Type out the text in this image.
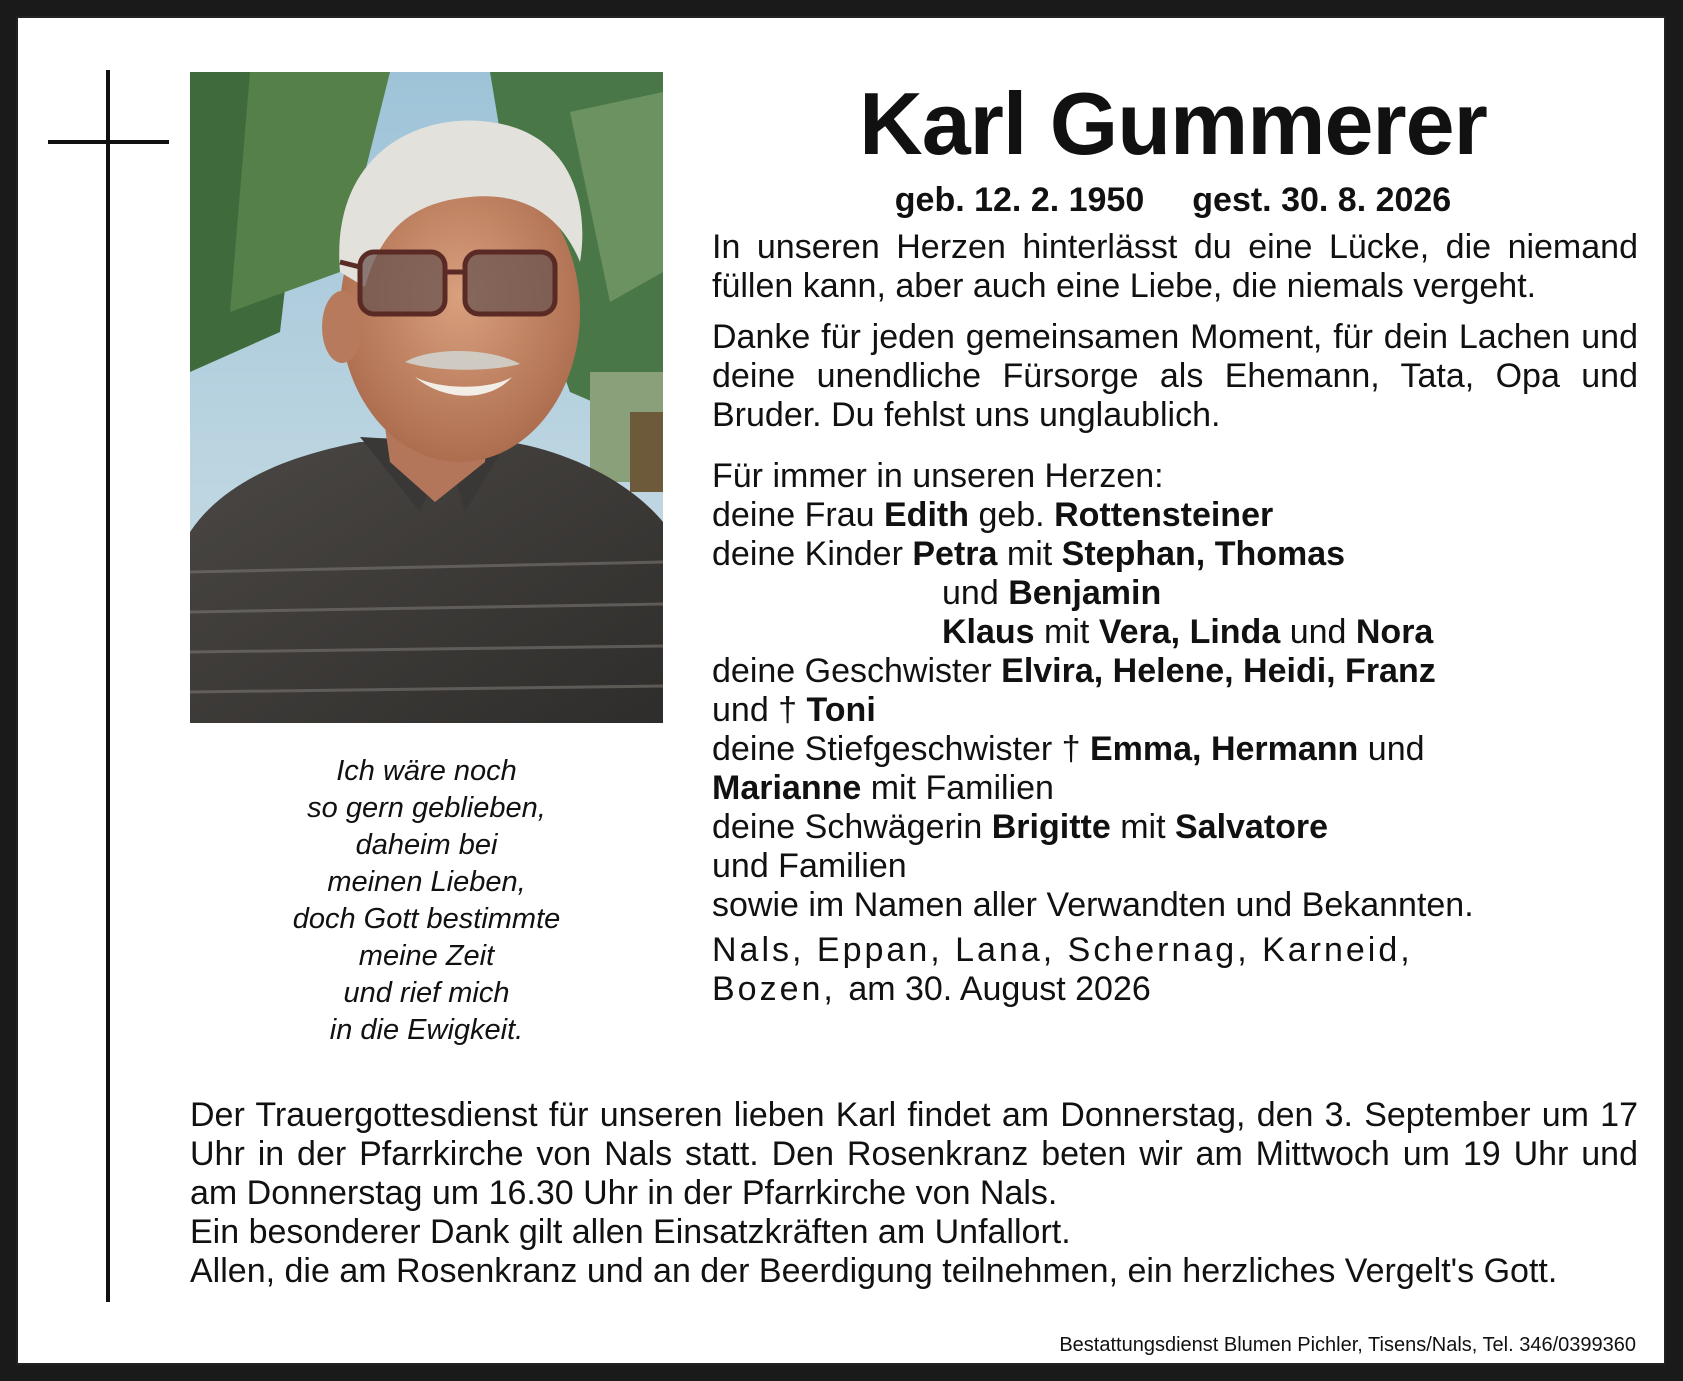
Ich wäre noch
so gern geblieben,
daheim bei
meinen Lieben,
doch Gott bestimmte
meine Zeit
und rief mich
in die Ewigkeit.
Karl Gummerer
geb. 12. 2. 1950 gest. 30. 8. 2026

In unseren Herzen hinterlässt du eine Lücke, die niemand füllen kann, aber auch eine Liebe, die niemals vergeht.

Danke für jeden gemeinsamen Moment, für dein Lachen und deine unendliche Fürsorge als Ehemann, Tata, Opa und Bruder. Du fehlst uns unglaublich.

Für immer in unseren Herzen:
deine Frau Edith geb. Rottensteiner
deine Kinder Petra mit Stephan, Thomas
und Benjamin
Klaus mit Vera, Linda und Nora
deine Geschwister Elvira, Helene, Heidi, Franz
und † Toni
deine Stiefgeschwister † Emma, Hermann und
Marianne mit Familien
deine Schwägerin Brigitte mit Salvatore
und Familien
sowie im Namen aller Verwandten und Bekannten.
Nals, Eppan, Lana, Schernag, Karneid,
Bozen, am 30. August 2026

Der Trauergottesdienst für unseren lieben Karl findet am Donnerstag, den 3. September um 17 Uhr in der Pfarrkirche von Nals statt. Den Rosenkranz beten wir am Mittwoch um 19 Uhr und am Donnerstag um 16.30 Uhr in der Pfarrkirche von Nals.

Ein besonderer Dank gilt allen Einsatzkräften am Unfallort.

Allen, die am Rosenkranz und an der Beerdigung teilnehmen, ein herzliches Vergelt's Gott.

Bestattungsdienst Blumen Pichler, Tisens/Nals, Tel. 346/0399360
